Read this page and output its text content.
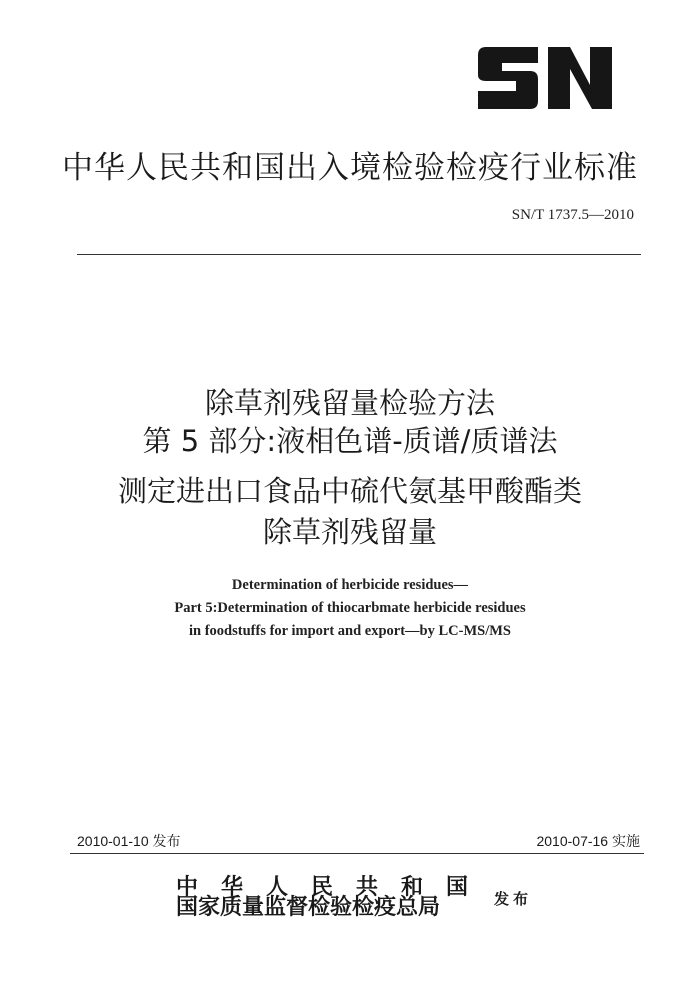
中华人民共和国出入境检验检疫行业标准
SN/T 1737.5—2010
除草剂残留量检验方法
第 5 部分:液相色谱-质谱/质谱法
测定进出口食品中硫代氨基甲酸酯类
除草剂残留量
Determination of herbicide residues—
Part 5:Determination of thiocarbmate herbicide residues
in foodstuffs for import and export—by LC-MS/MS
2010-01-10 发布	2010-07-16 实施
中华人民共和国
国家质量监督检验检疫总局	发布
